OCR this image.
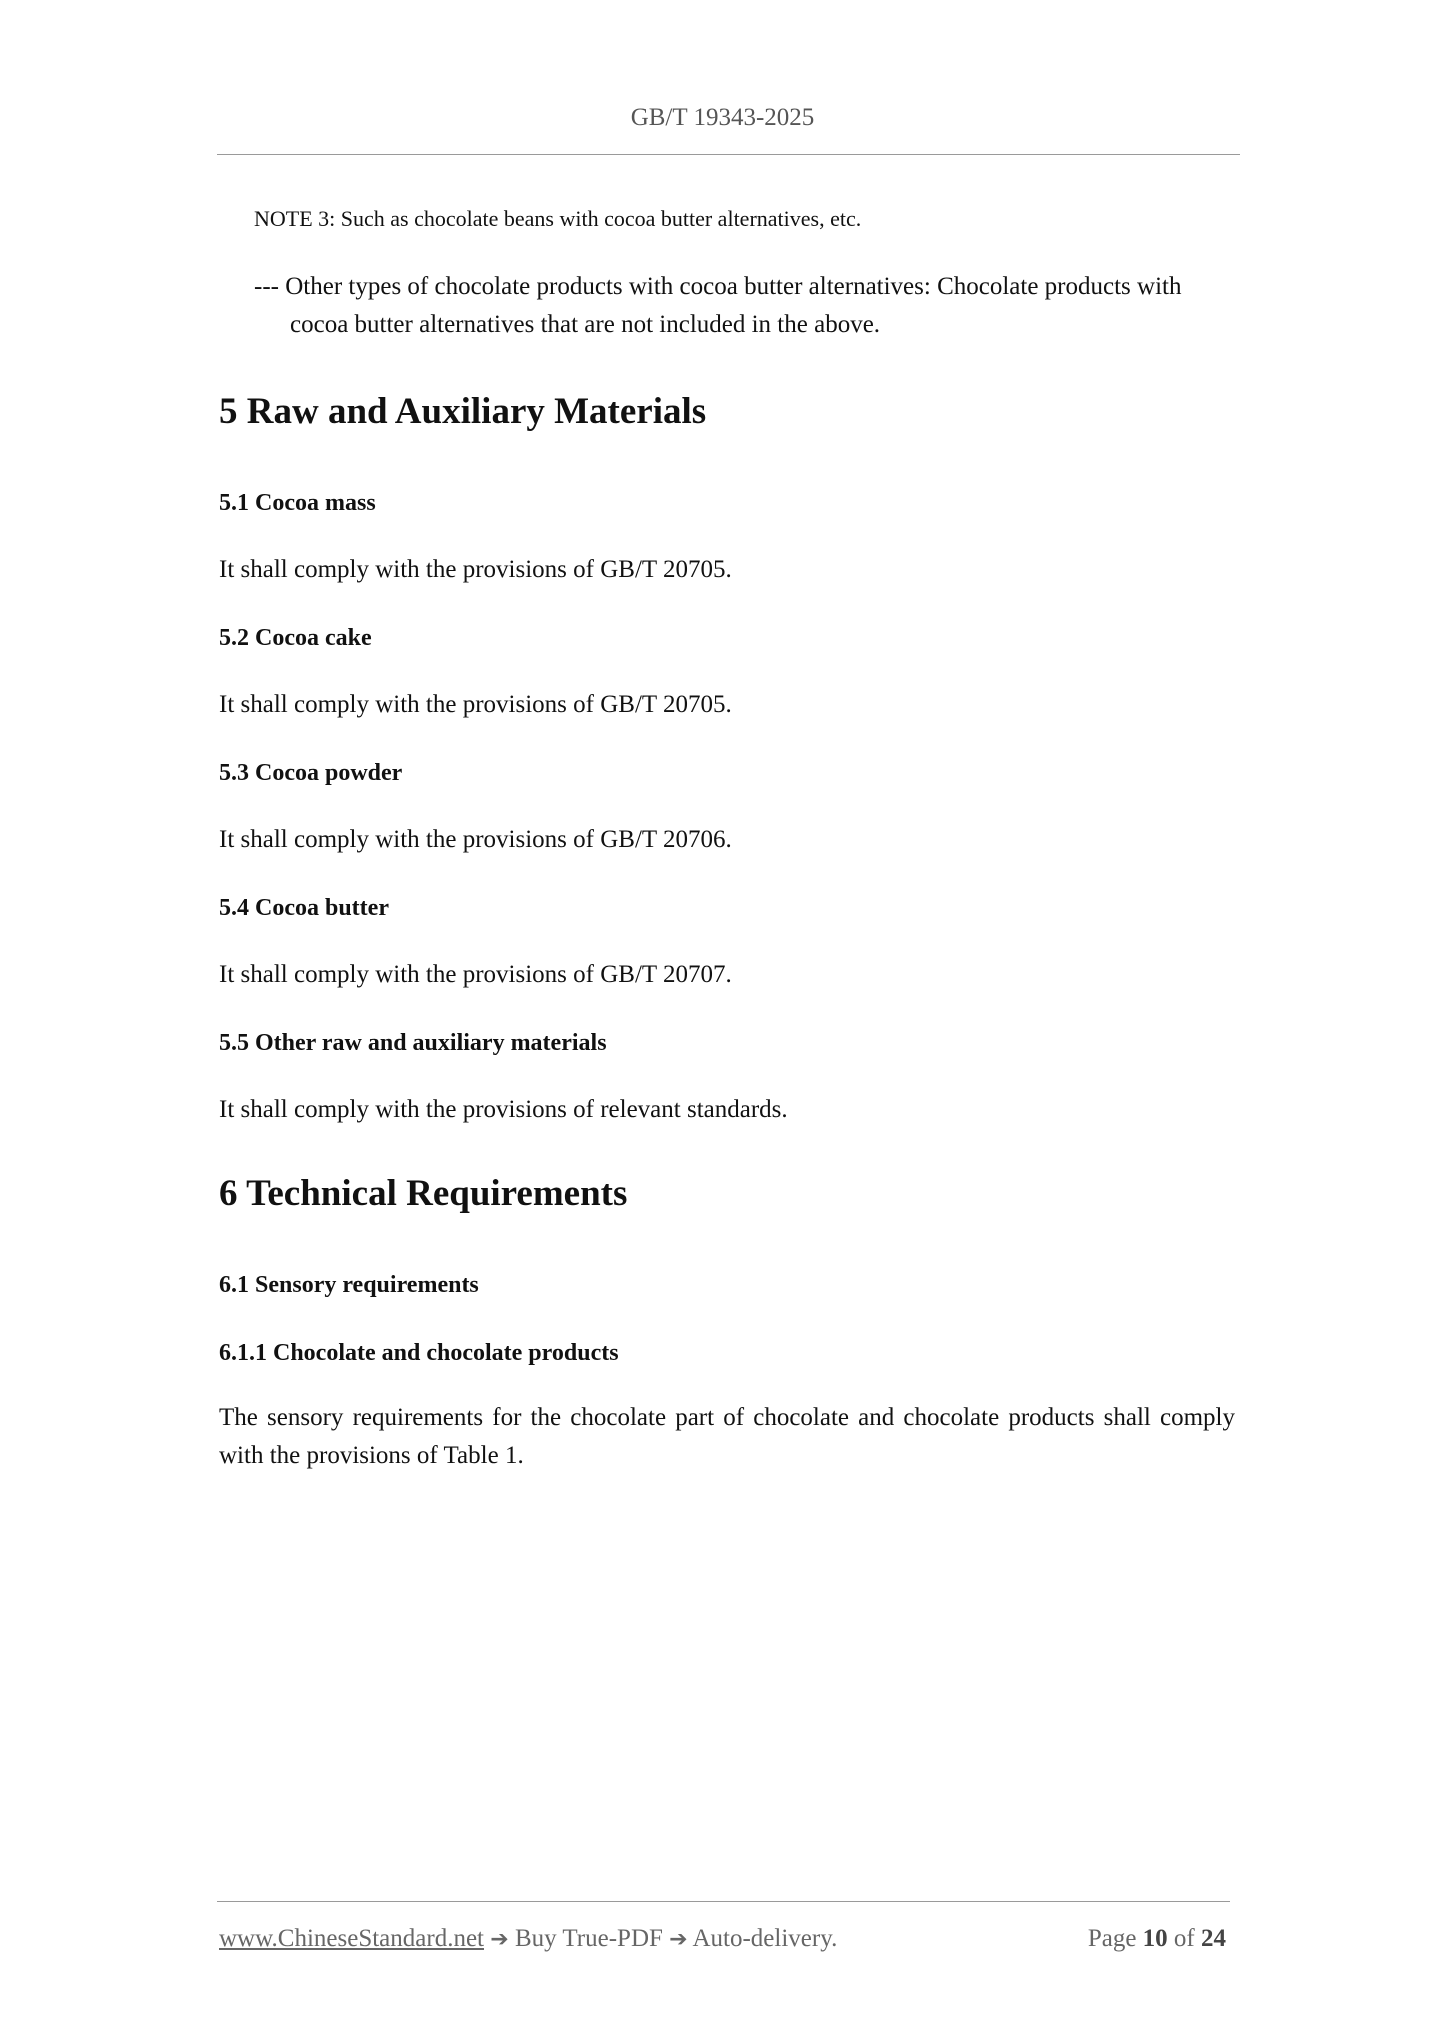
GB/T 19343-2025
NOTE 3: Such as chocolate beans with cocoa butter alternatives, etc.
--- Other types of chocolate products with cocoa butter alternatives: Chocolate products with
cocoa butter alternatives that are not included in the above.
5 Raw and Auxiliary Materials
5.1 Cocoa mass
It shall comply with the provisions of GB/T 20705.
5.2 Cocoa cake
It shall comply with the provisions of GB/T 20705.
5.3 Cocoa powder
It shall comply with the provisions of GB/T 20706.
5.4 Cocoa butter
It shall comply with the provisions of GB/T 20707.
5.5 Other raw and auxiliary materials
It shall comply with the provisions of relevant standards.
6 Technical Requirements
6.1 Sensory requirements
6.1.1 Chocolate and chocolate products
The sensory requirements for the chocolate part of chocolate and chocolate products shall comply with the provisions of Table 1.
www.ChineseStandard.net ➔ Buy True-PDF ➔ Auto-delivery.	Page 10 of 24
